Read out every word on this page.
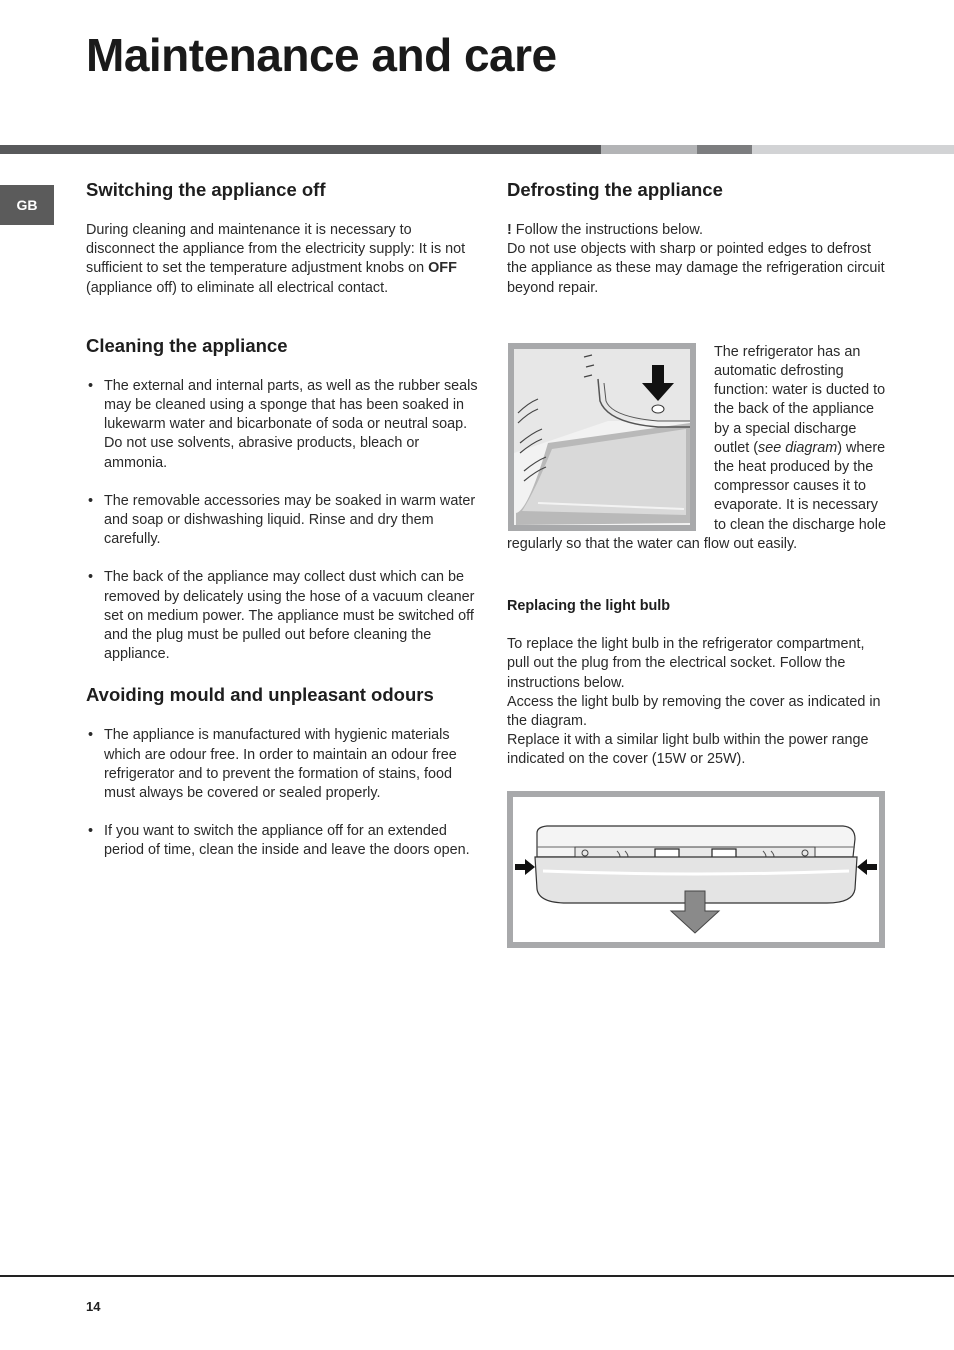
Maintenance and care
GB
Switching the appliance off

During cleaning and maintenance it is necessary to disconnect the appliance from the electricity supply: It is not sufficient to set the temperature adjustment knobs on OFF (appliance off) to eliminate all electrical contact.

Cleaning the appliance
• The external and internal parts, as well as the rubber seals may be cleaned using a sponge that has been soaked in lukewarm water and bicarbonate of soda or neutral soap. Do not use solvents, abrasive products, bleach or ammonia.
• The removable accessories may be soaked in warm water and soap or dishwashing liquid. Rinse and dry them carefully.
• The back of the appliance may collect dust which can be removed by delicately using the hose of a vacuum cleaner set on medium power. The appliance must be switched off and the plug must be pulled out before cleaning the appliance.
Avoiding mould and unpleasant odours
• The appliance is manufactured with hygienic materials which are odour free. In order to maintain an odour free refrigerator and to prevent the formation of stains, food must always be covered or sealed properly.
• If you want to switch the appliance off for an extended period of time, clean the inside and leave the doors open.
Defrosting the appliance

! Follow the instructions below.

Do not use objects with sharp or pointed edges to defrost the appliance as these may damage the refrigeration circuit beyond repair.

The refrigerator has an automatic defrosting function: water is ducted to the back of the appliance by a special discharge outlet (see diagram) where the heat produced by the compressor causes it to evaporate. It is necessary to clean the discharge hole regularly so that the water can flow out easily.

Replacing the light bulb

To replace the light bulb in the refrigerator compartment, pull out the plug from the electrical socket. Follow the instructions below.

Access the light bulb by removing the cover as indicated in the diagram.

Replace it with a similar light bulb within the power range indicated on the cover (15W or 25W).

14
